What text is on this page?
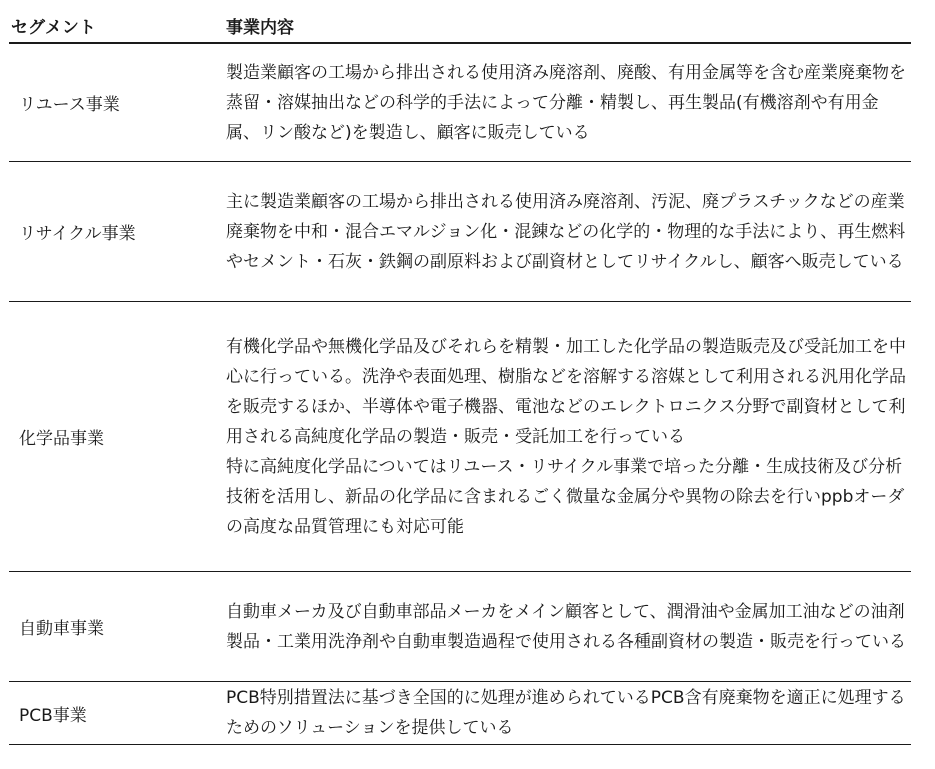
セグメント	事業内容
リユース事業

製造業顧客の工場から排出される使用済み廃溶剤、廃酸、有用金属等を含む産業廃棄物を蒸留・溶媒抽出などの科学的手法によって分離・精製し、再生製品(有機溶剤や有用金属、リン酸など)を製造し、顧客に販売している

リサイクル事業

主に製造業顧客の工場から排出される使用済み廃溶剤、汚泥、廃プラスチックなどの産業廃棄物を中和・混合エマルジョン化・混錬などの化学的・物理的な手法により、再生燃料やセメント・石灰・鉄鋼の副原料および副資材としてリサイクルし、顧客へ販売している

化学品事業

有機化学品や無機化学品及びそれらを精製・加工した化学品の製造販売及び受託加工を中心に行っている。洗浄や表面処理、樹脂などを溶解する溶媒として利用される汎用化学品を販売するほか、半導体や電子機器、電池などのエレクトロニクス分野で副資材として利用される高純度化学品の製造・販売・受託加工を行っている

特に高純度化学品についてはリユース・リサイクル事業で培った分離・生成技術及び分析技術を活用し、新品の化学品に含まれるごく微量な金属分や異物の除去を行いppbオーダの高度な品質管理にも対応可能

自動車事業

自動車メーカ及び自動車部品メーカをメイン顧客として、潤滑油や金属加工油などの油剤製品・工業用洗浄剤や自動車製造過程で使用される各種副資材の製造・販売を行っている

PCB事業

PCB特別措置法に基づき全国的に処理が進められているPCB含有廃棄物を適正に処理するためのソリューションを提供している
